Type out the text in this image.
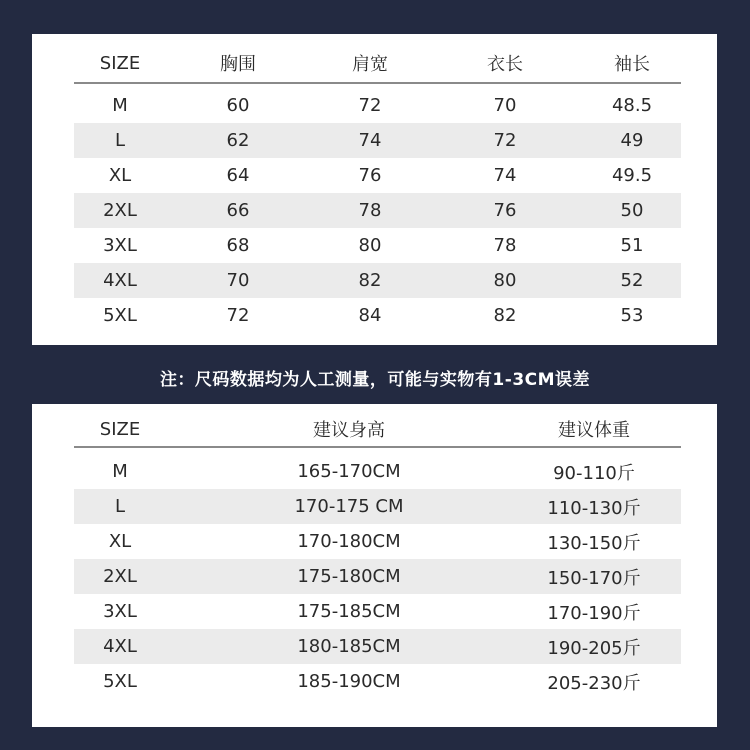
SIZE	胸围	肩宽	衣长	袖长
M	60	72	70	48.5
L	62	74	72	49
XL	64	76	74	49.5
2XL	66	78	76	50
3XL	68	80	78	51
4XL	70	82	80	52
5XL	72	84	82	53
注：尺码数据均为人工测量，可能与实物有1-3CM误差
SIZE	建议身高	建议体重
M	165-170CM	90-110斤
L	170-175 CM	110-130斤
XL	170-180CM	130-150斤
2XL	175-180CM	150-170斤
3XL	175-185CM	170-190斤
4XL	180-185CM	190-205斤
5XL	185-190CM	205-230斤
